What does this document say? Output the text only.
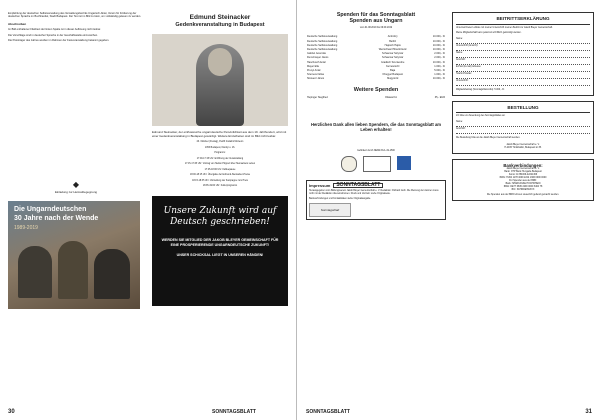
Empfehlung der deutschen Selbstverwaltung des Verwaltungsbezirks Ungarisch-Abtei, Verein für Förderung der deutschen Sprache im Buchhandel, Stadt Budapest. Der Text ist im Bild zu klein, um vollständig gelesen zu werden.

Abschreiben

Im Bild enthaltener Fließtext der linken Spalte ist in dieser Auflösung nicht lesbar.

Die Vorschläge sind in deutscher Sprache in der Geschäftsstelle einzureichen.

Die Preisträger des Jahres werden im Rahmen der Festveranstaltung bekannt gegeben.

◆
Einladung zur Heimatbegegnung
Die Ungarndeutschen
30 Jahre nach der Wende
1989-2019
Edmund Steinacker
Gedenkveranstaltung in Budapest

Edmund Steinacker, der einflussreiche ungarndeutsche Persönlichkeit aus dem 19. Jahrhundert, wird mit einer Gedenkveranstaltung in Budapest gewürdigt. Weitere Einzelheiten sind im Bild nicht lesbar.

23. Oktober (Freitag), Petőfi Irodalmi Múzeum
1053 Budapest, Károlyi u. 16.
Programm:
17:00-17:15 Uhr: Eröffnung der Veranstaltung
17:15-17:45 Uhr: Vortrag von Stefan Pöpperl über Steinackers Leben
17:45-18:00 Uhr: Kaffeepause
18:00-18:15 Uhr: Übergabe der Edmund-Steinacker-Preise
18:15-18:35 Uhr: Vorstellung der Kampagne zum Preis
18:35-19:00 Uhr: Kulturprogramm
Unsere Zukunft wird auf
Deutsch geschrieben!
WERDEN SIE MITGLIED DER JAKOB BLEYER GEMEINSCHAFT FÜR EINE PROSPERIERENDE UNGARNDEUTSCHE ZUKUNFT!
UNSER SCHICKSAL LIEGT IN UNSEREN HÄNDEN!
30	SONNTAGSBLATT
Spenden für das Sonntagsblatt
Spenden aus Ungarn
vom 01.08.2019 bis 09.09.2019
Deutsche Selbstverwaltung	Ambrózy	10.000,- Ft
Deutsche Selbstverwaltung	Berlitz	10.000,- Ft
Deutsche Selbstverwaltung	Hajosch Hajós	10.000,- Ft
Deutsche Selbstverwaltung	Werischwar Pilisvörösvár	10.000,- Ft
Gabriel Jeremiás	Schaumar Solymár	2.000,- Ft
Dunszmayer János	Schaumar Solymár	2.000,- Ft
Haschusch Antal	Gradisch Szentendre	10.000,- Ft
Mayer Ella	Kernéutschl	1.000,- Ft
Prenyi Antal	Baja	5.000,- Ft
Szemerer Elisa	Ohegyel Budapest	1.000,- Ft
Stravecz János	Mogyoród	10.000,- Ft
Weitere Spenden
Hepinger Siegfried	Ottawa KA	35,- EUR
Herzlichen Dank allen lieben Spendern, die das Sonntagsblatt am Leben erhalten!
Gefördert durch NEMZ-KUL-19-1500
Impressum	SONNTAGSBLATT
Herausgegeben vom Bildungsverein Jakob Bleyer Gemeinschaft e. V. Redaktion: Richard Guth. Die Meinung der Autoren muss nicht mit der Redaktion übereinstimmen. Druck und Vertrieb: siehe Originalseite.
Bankverbindungen und Kontaktdaten siehe Originalausgabe.
Sonntagsblatt
BEITRITTSERKLÄRUNG

Unterzeichnete/r erkläre mit meiner Unterschrift meinen Beitritt zur Jakob Bleyer Gemeinschaft.

Meine Mitgliedschaft kann jederzeit schriftlich gekündigt werden.

Name:
Unterschrift (Ansicht):
Name:
Anschrift:
E-Post (E-mail) Adresse:
Telefon/Telefax:
Unterschrift:
Mitgliedsbeitrag (Sonntagsblatt-Abo): 5.000,- Ft
BESTELLUNG

Ich bitte um Zusendung des Sonntagsblattes an:

Name:
Anschrift:
Die Bestellung bitte an die Jakob Bleyer Gemeinschaft senden.
Jakob Bleyer Gemeinschaft e. V.
H-2045 Törökbálint, Budapesti út 35.
Bankverbindungen:
Jakob Bleyer Gemeinschaft e. V.
Bank: OTP Bank Hungaria Budapest
Konto: 11784009-22221306
IBAN: HU64 1178 4009 2222 1306 0000 0000
Für Spenden aus der BRD:
Bank: SPARKASSE HOCHRHEIN
IBAN: DE77 6845 2290 0000 6464 78
BIC: SKHRDE6WXXX
Die Spenden aus der BRD können steuerlich geltend gemacht werden.
SONNTAGSBLATT	31
